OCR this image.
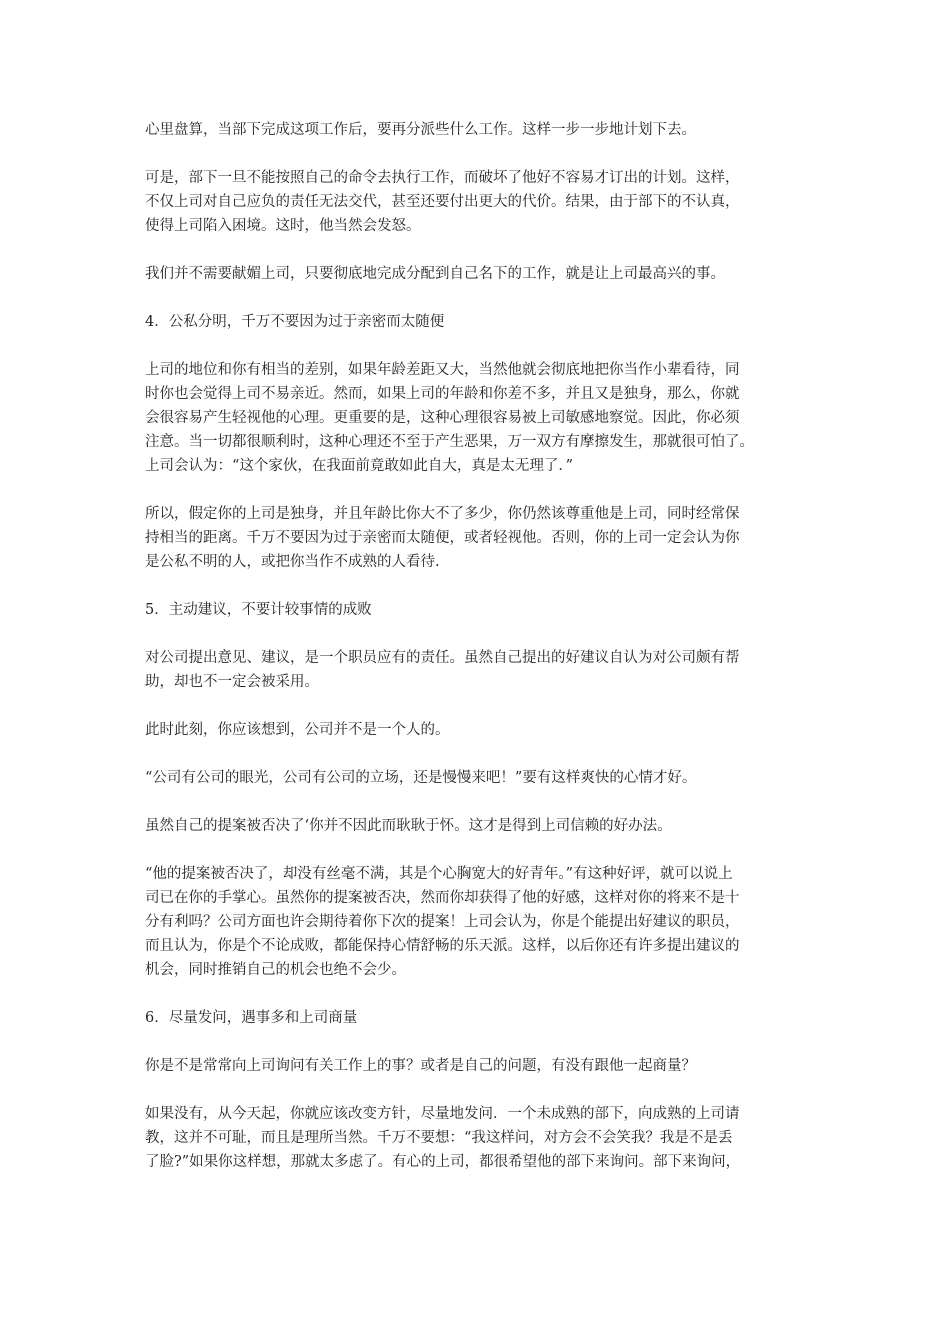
心里盘算，当部下完成这项工作后，要再分派些什么工作。这样一步一步地计划下去。

可是，部下一旦不能按照自己的命令去执行工作，而破坏了他好不容易才订出的计划。这样，
不仅上司对自己应负的责任无法交代，甚至还要付出更大的代价。结果，由于部下的不认真，
使得上司陷入困境。这时，他当然会发怒。

我们并不需要献媚上司，只要彻底地完成分配到自己名下的工作，就是让上司最高兴的事。

4．公私分明，千万不要因为过于亲密而太随便

上司的地位和你有相当的差别，如果年龄差距又大，当然他就会彻底地把你当作小辈看待，同
时你也会觉得上司不易亲近。然而，如果上司的年龄和你差不多，并且又是独身，那么，你就
会很容易产生轻视他的心理。更重要的是，这种心理很容易被上司敏感地察觉。因此，你必须
注意。当一切都很顺利时，这种心理还不至于产生恶果，万一双方有摩擦发生，那就很可怕了。
上司会认为：“这个家伙，在我面前竟敢如此自大，真是太无理了．”

所以，假定你的上司是独身，并且年龄比你大不了多少，你仍然该尊重他是上司，同时经常保
持相当的距离。千万不要因为过于亲密而太随便，或者轻视他。否则，你的上司一定会认为你
是公私不明的人，或把你当作不成熟的人看待.

5．主动建议，不要计较事情的成败

对公司提出意见、建议，是一个职员应有的责任。虽然自己提出的好建议自认为对公司颇有帮
助，却也不一定会被采用。

此时此刻，你应该想到，公司并不是一个人的。

“公司有公司的眼光，公司有公司的立场，还是慢慢来吧！”要有这样爽快的心情才好。

虽然自己的提案被否决了‘你并不因此而耿耿于怀。这才是得到上司信赖的好办法。

“他的提案被否决了，却没有丝毫不满，其是个心胸宽大的好青年。”有这种好评，就可以说上
司已在你的手掌心。虽然你的提案被否决，然而你却获得了他的好感，这样对你的将来不是十
分有利吗？公司方面也许会期待着你下次的提案！上司会认为，你是个能提出好建议的职员，
而且认为，你是个不论成败，都能保持心情舒畅的乐天派。这样，以后你还有许多提出建议的
机会，同时推销自己的机会也绝不会少。

6．尽量发问，遇事多和上司商量

你是不是常常向上司询问有关工作上的事？或者是自己的问题，有没有跟他一起商量？

如果没有，从今天起，你就应该改变方针，尽量地发问．一个未成熟的部下，向成熟的上司请
教，这并不可耻，而且是理所当然。千万不要想：“我这样问，对方会不会笑我？我是不是丢
了脸?”如果你这样想，那就太多虑了。有心的上司，都很希望他的部下来询问。部下来询问，
